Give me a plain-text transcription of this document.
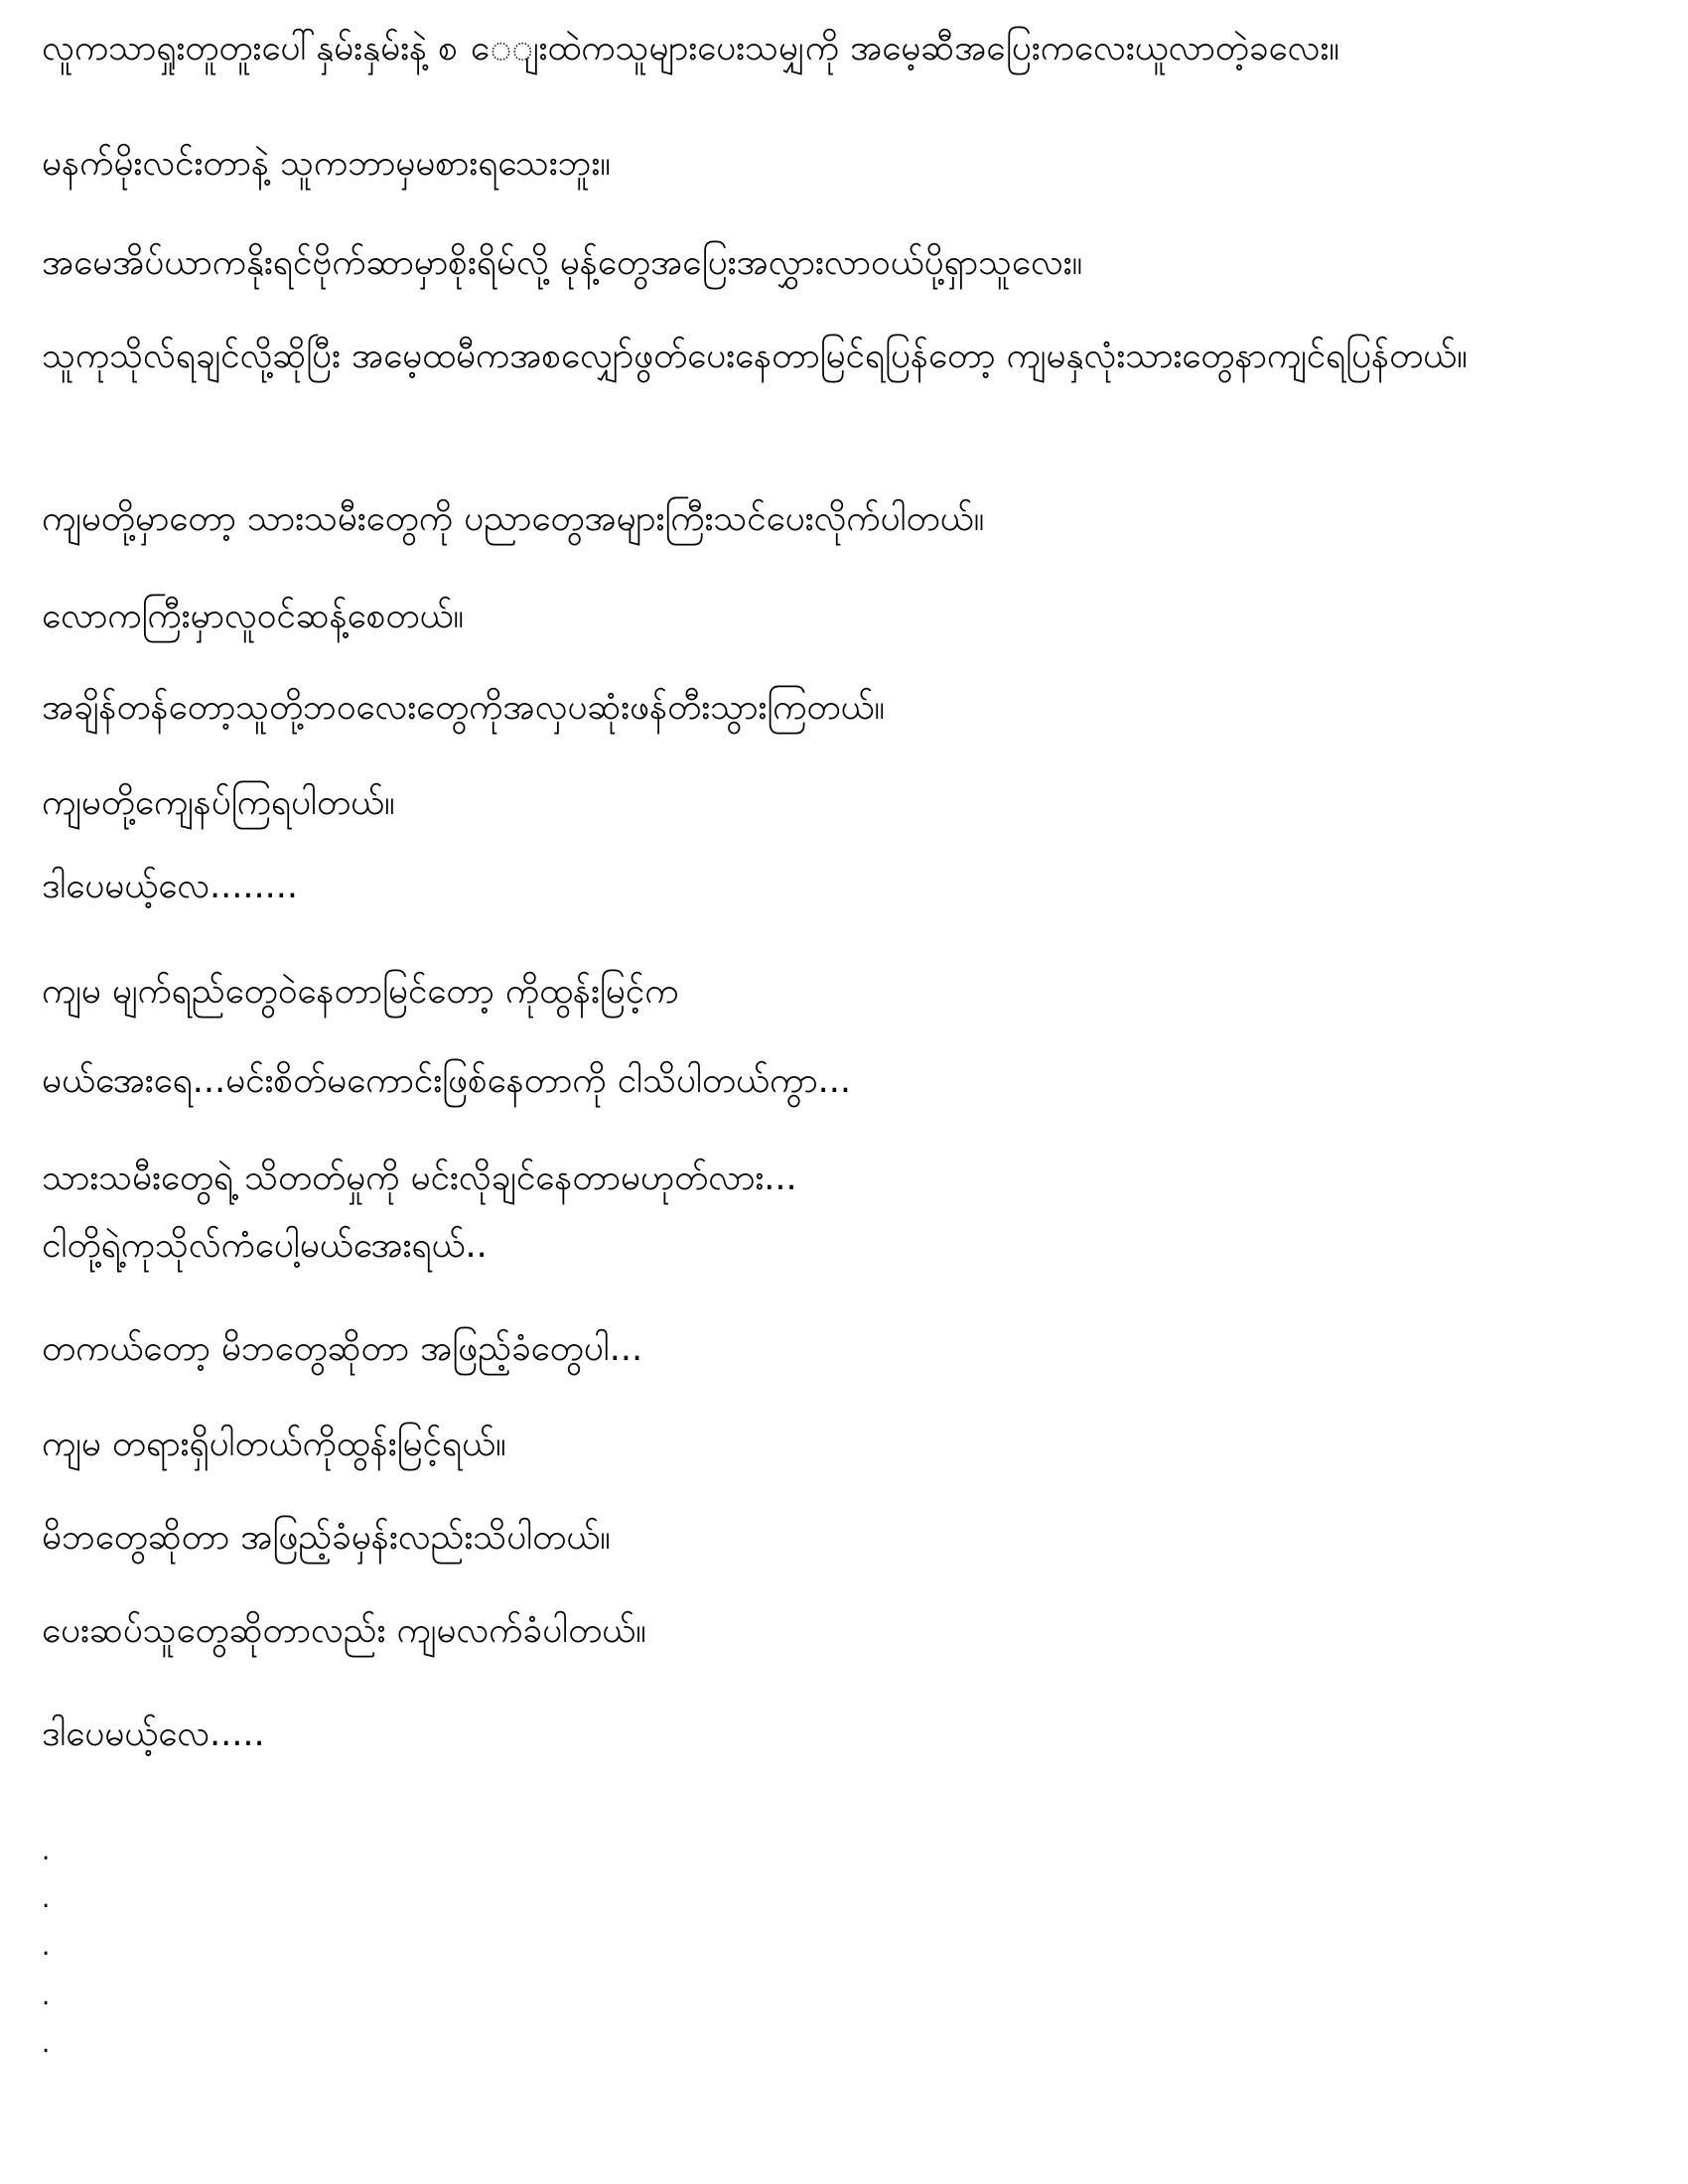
လူကသာရှုးတူတူးပေါ်နှမ်းနှမ်းနဲ့ စ ေျးထဲကသူများပေးသမျှကို အမေ့ဆီအပြေးကလေးယူလာတဲ့ခလေး။

မနက်မိုးလင်းတာနဲ့ သူကဘာမှမစားရသေးဘူး။

အမေအိပ်ယာကနိုးရင်ဗိုက်ဆာမှာစိုးရိမ်လို့ မုန့်တွေအပြေးအလွှားလာဝယ်ပို့ရှာသူလေး။

သူကုသိုလ်ရချင်လို့ဆိုပြီး အမေ့ထမီကအစလျှော်ဖွတ်ပေးနေတာမြင်ရပြန်တော့ ကျမနှလုံးသားတွေနာကျင်ရပြန်တယ်။

ကျမတို့မှာတော့ သားသမီးတွေကို ပညာတွေအများကြီးသင်ပေးလိုက်ပါတယ်။

လောကကြီးမှာလူဝင်ဆန့်စေတယ်။

အချိန်တန်တော့သူတို့ဘဝလေးတွေကိုအလှပဆုံးဖန်တီးသွားကြတယ်။

ကျမတို့ကျေနပ်ကြရပါတယ်။

ဒါပေမယ့်လေ........

ကျမ မျက်ရည်တွေဝဲနေတာမြင်တော့ ကိုထွန်းမြင့်က

မယ်အေးရေ...မင်းစိတ်မကောင်းဖြစ်နေတာကို ငါသိပါတယ်ကွာ...

သားသမီးတွေရဲ့ သိတတ်မှုကို မင်းလိုချင်နေတာမဟုတ်လား...

ငါတို့ရဲ့ကုသိုလ်ကံပေါ့မယ်အေးရယ်..

တကယ်တော့ မိဘတွေဆိုတာ အဖြည့်ခံတွေပါ...

ကျမ တရားရှိပါတယ်ကိုထွန်းမြင့်ရယ်။

မိဘတွေဆိုတာ အဖြည့်ခံမှန်းလည်းသိပါတယ်။

ပေးဆပ်သူတွေဆိုတာလည်း ကျမလက်ခံပါတယ်။

ဒါပေမယ့်လေ.....

.

.

.

.

.
